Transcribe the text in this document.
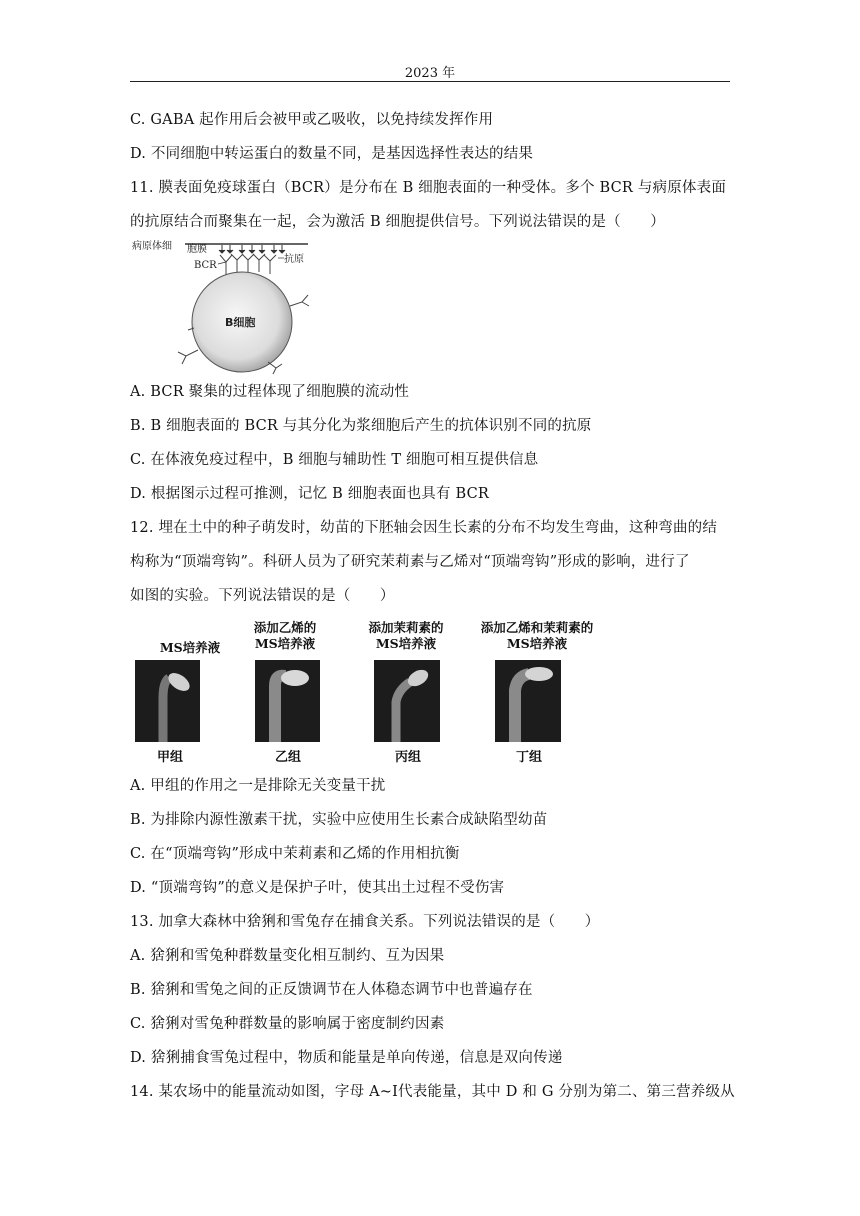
2023 年
C. GABA 起作用后会被甲或乙吸收，以免持续发挥作用
D. 不同细胞中转运蛋白的数量不同，是基因选择性表达的结果
11. 膜表面免疫球蛋白（BCR）是分布在 B 细胞表面的一种受体。多个 BCR 与病原体表面
的抗原结合而聚集在一起，会为激活 B 细胞提供信号。下列说法错误的是（　　）
A. BCR 聚集的过程体现了细胞膜的流动性
B. B 细胞表面的 BCR 与其分化为浆细胞后产生的抗体识别不同的抗原
C. 在体液免疫过程中，B 细胞与辅助性 T 细胞可相互提供信息
D. 根据图示过程可推测，记忆 B 细胞表面也具有 BCR
12. 埋在土中的种子萌发时，幼苗的下胚轴会因生长素的分布不均发生弯曲，这种弯曲的结
构称为“顶端弯钩”。科研人员为了研究茉莉素与乙烯对“顶端弯钩”形成的影响，进行了
如图的实验。下列说法错误的是（　　）
A. 甲组的作用之一是排除无关变量干扰
B. 为排除内源性激素干扰，实验中应使用生长素合成缺陷型幼苗
C. 在“顶端弯钩”形成中茉莉素和乙烯的作用相抗衡
D. “顶端弯钩”的意义是保护子叶，使其出土过程不受伤害
13. 加拿大森林中猞猁和雪兔存在捕食关系。下列说法错误的是（　　）
A. 猞猁和雪兔种群数量变化相互制约、互为因果
B. 猞猁和雪兔之间的正反馈调节在人体稳态调节中也普遍存在
C. 猞猁对雪兔种群数量的影响属于密度制约因素
D. 猞猁捕食雪兔过程中，物质和能量是单向传递，信息是双向传递
14. 某农场中的能量流动如图，字母 A~I代表能量，其中 D 和 G 分别为第二、第三营养级从
病原体细 胞膜
BCR
抗原
B细胞
MS培养液
甲组
添加乙烯的
MS培养液
乙组
添加茉莉素的
MS培养液
丙组
添加乙烯和茉莉素的
MS培养液
丁组
